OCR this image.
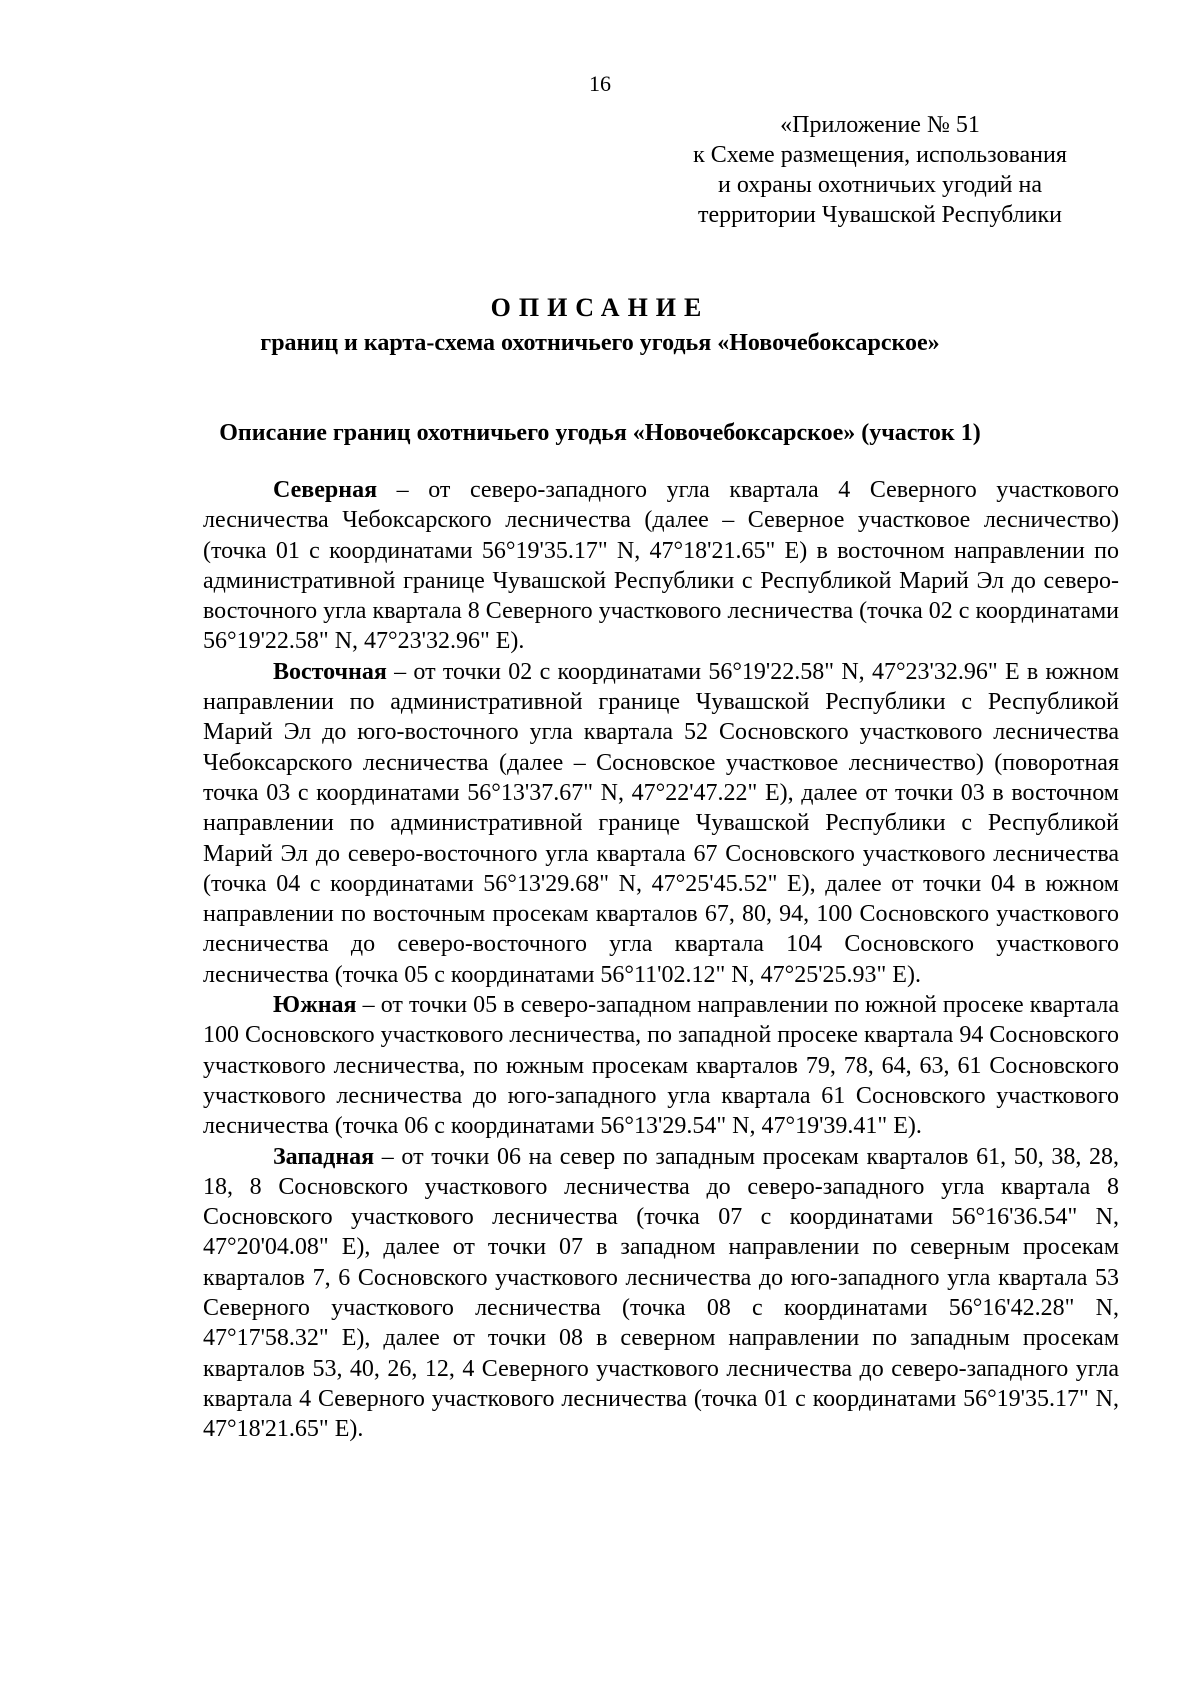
16
«Приложение № 51
к Схеме размещения, использования
и охраны охотничьих угодий на
территории Чувашской Республики
ОПИСАНИЕ
границ и карта-схема охотничьего угодья «Новочебоксарское»
Описание границ охотничьего угодья «Новочебоксарское» (участок 1)

Северная – от северо-западного угла квартала 4 Северного участкового лесничества Чебоксарского лесничества (далее – Северное участковое лесничество) (точка 01 с координатами 56°19'35.17" N, 47°18'21.65" E) в восточном направлении по административной границе Чувашской Республики с Республикой Марий Эл до северо-восточного угла квартала 8 Северного участкового лесничества (точка 02 с координатами 56°19'22.58" N, 47°23'32.96" E).

Восточная – от точки 02 с координатами 56°19'22.58" N, 47°23'32.96" E в южном направлении по административной границе Чувашской Республики с Республикой Марий Эл до юго-восточного угла квартала 52 Сосновского участкового лесничества Чебоксарского лесничества (далее – Сосновское участковое лесничество) (поворотная точка 03 с координатами 56°13'37.67" N, 47°22'47.22" E), далее от точки 03 в восточном направлении по административной границе Чувашской Республики с Республикой Марий Эл до северо-восточного угла квартала 67 Сосновского участкового лесничества (точка 04 с координатами 56°13'29.68" N, 47°25'45.52" E), далее от точки 04 в южном направлении по восточным просекам кварталов 67, 80, 94, 100 Сосновского участкового лесничества до северо-восточного угла квартала 104 Сосновского участкового лесничества (точка 05 с координатами 56°11'02.12" N, 47°25'25.93" E).

Южная – от точки 05 в северо-западном направлении по южной просеке квартала 100 Сосновского участкового лесничества, по западной просеке квартала 94 Сосновского участкового лесничества, по южным просекам кварталов 79, 78, 64, 63, 61 Сосновского участкового лесничества до юго-западного угла квартала 61 Сосновского участкового лесничества (точка 06 с координатами 56°13'29.54" N, 47°19'39.41" E).

Западная – от точки 06 на север по западным просекам кварталов 61, 50, 38, 28, 18, 8 Сосновского участкового лесничества до северо-западного угла квартала 8 Сосновского участкового лесничества (точка 07 с координатами 56°16'36.54" N, 47°20'04.08" E), далее от точки 07 в западном направлении по северным просекам кварталов 7, 6 Сосновского участкового лесничества до юго-западного угла квартала 53 Северного участкового лесничества (точка 08 с координатами 56°16'42.28" N, 47°17'58.32" E), далее от точки 08 в северном направлении по западным просекам кварталов 53, 40, 26, 12, 4 Северного участкового лесничества до северо-западного угла квартала 4 Северного участкового лесничества (точка 01 с координатами 56°19'35.17" N, 47°18'21.65" E).
